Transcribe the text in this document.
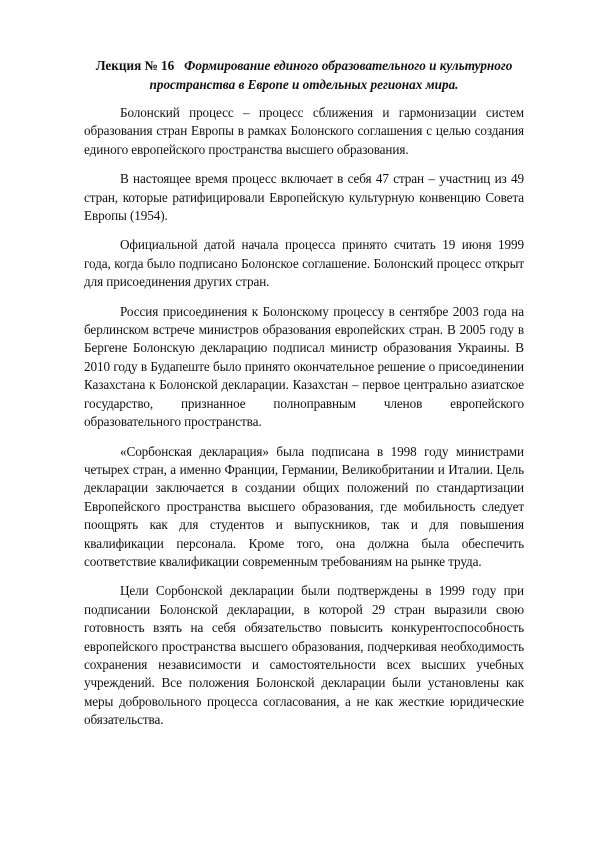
Лекция № 16 Формирование единого образовательного и культурного пространства в Европе и отдельных регионах мира.

Болонский процесс – процесс сближения и гармонизации систем образования стран Европы в рамках Болонского соглашения с целью создания единого европейского пространства высшего образования.

В настоящее время процесс включает в себя 47 стран – участниц из 49 стран, которые ратифицировали Европейскую культурную конвенцию Совета Европы (1954).

Официальной датой начала процесса принято считать 19 июня 1999 года, когда было подписано Болонское соглашение. Болонский процесс открыт для присоединения других стран.

Россия присоединения к Болонскому процессу в сентябре 2003 года на берлинском встрече министров образования европейских стран. В 2005 году в Бергене Болонскую декларацию подписал министр образования Украины. В 2010 году в Будапеште было принято окончательное решение о присоединении Казахстана к Болонской декларации. Казахстан – первое центрально азиатское государство, признанное полноправным членов европейского образовательного пространства.

«Сорбонская декларация» была подписана в 1998 году министрами четырех стран, а именно Франции, Германии, Великобритании и Италии. Цель декларации заключается в создании общих положений по стандартизации Европейского пространства высшего образования, где мобильность следует поощрять как для студентов и выпускников, так и для повышения квалификации персонала. Кроме того, она должна была обеспечить соответствие квалификации современным требованиям на рынке труда.

Цели Сорбонской декларации были подтверждены в 1999 году при подписании Болонской декларации, в которой 29 стран выразили свою готовность взять на себя обязательство повысить конкурентоспособность европейского пространства высшего образования, подчеркивая необходимость сохранения независимости и самостоятельности всех высших учебных учреждений. Все положения Болонской декларации были установлены как меры добровольного процесса согласования, а не как жесткие юридические обязательства.
